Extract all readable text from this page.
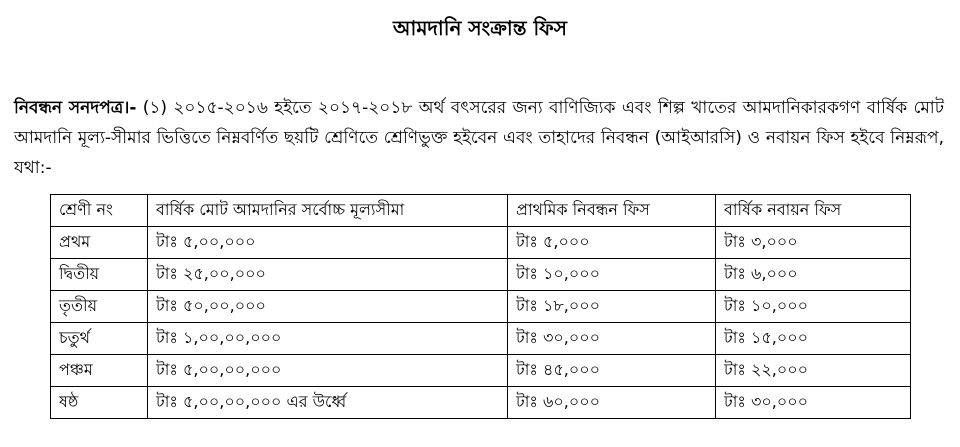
আমদানি সংক্রান্ত ফিস

নিবন্ধন সনদপত্র।- (১) ২০১৫-২০১৬ হইতে ২০১৭-২০১৮ অর্থ বৎসরের জন্য বাণিজ্যিক এবং শিল্প খাতের আমদানিকারকগণ বার্ষিক মোট আমদানি মূল্য-সীমার ভিত্তিতে নিম্নবর্ণিত ছয়টি শ্রেণিতে শ্রেণিভুক্ত হইবেন এবং তাহাদের নিবন্ধন (আইআরসি) ও নবায়ন ফিস হইবে নিম্নরূপ, যথা:-

শ্রেণী নং	বার্ষিক মোট আমদানির সর্বোচ্চ মূল্যসীমা	প্রাথমিক নিবন্ধন ফিস	বার্ষিক নবায়ন ফিস
প্রথম	টাঃ ৫,০০,০০০	টাঃ ৫,০০০	টাঃ ৩,০০০
দ্বিতীয়	টাঃ ২৫,০০,০০০	টাঃ ১০,০০০	টাঃ ৬,০০০
তৃতীয়	টাঃ ৫০,০০,০০০	টাঃ ১৮,০০০	টাঃ ১০,০০০
চতুর্থ	টাঃ ১,০০,০০,০০০	টাঃ ৩০,০০০	টাঃ ১৫,০০০
পঞ্চম	টাঃ ৫,০০,০০,০০০	টাঃ ৪৫,০০০	টাঃ ২২,০০০
ষষ্ঠ	টাঃ ৫,০০,০০,০০০ এর উর্ধ্বে	টাঃ ৬০,০০০	টাঃ ৩০,০০০
